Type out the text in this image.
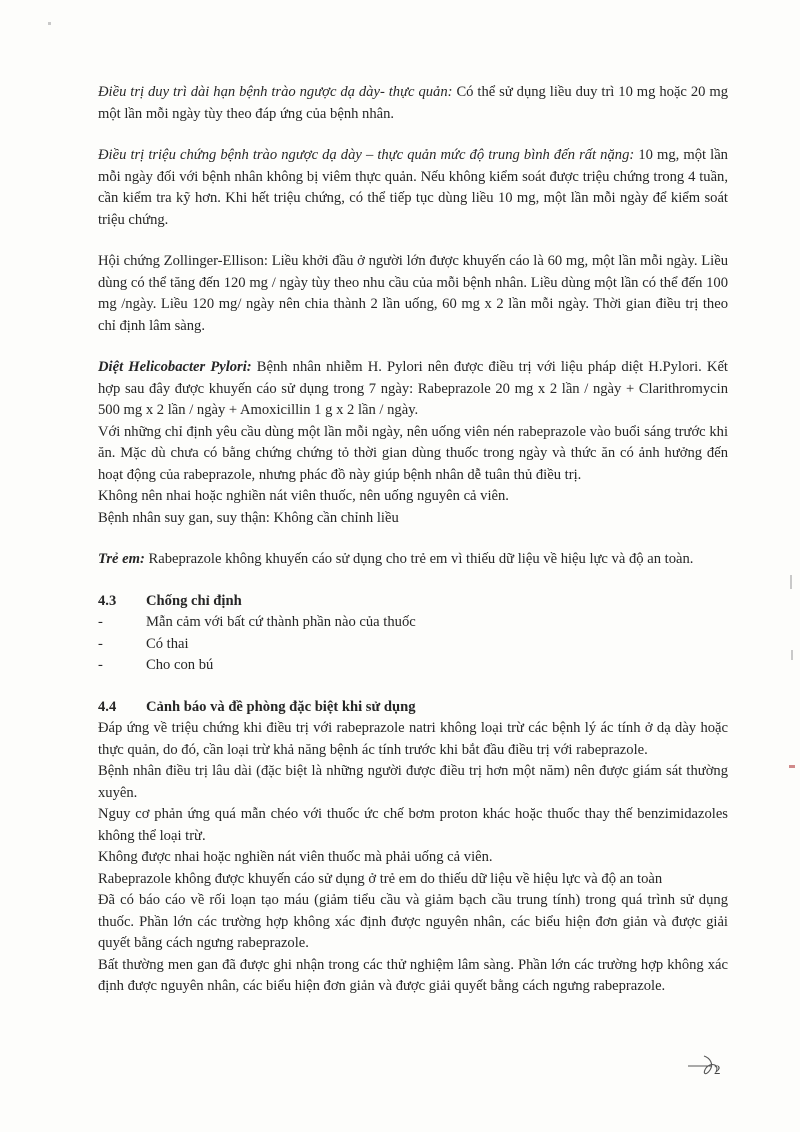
Điều trị duy trì dài hạn bệnh trào ngược dạ dày- thực quản: Có thể sử dụng liều duy trì 10 mg hoặc 20 mg một lần mỗi ngày tùy theo đáp ứng của bệnh nhân.

Điều trị triệu chứng bệnh trào ngược dạ dày – thực quản mức độ trung bình đến rất nặng: 10 mg, một lần mỗi ngày đối với bệnh nhân không bị viêm thực quản. Nếu không kiểm soát được triệu chứng trong 4 tuần, cần kiểm tra kỹ hơn. Khi hết triệu chứng, có thể tiếp tục dùng liều 10 mg, một lần mỗi ngày để kiểm soát triệu chứng.

Hội chứng Zollinger-Ellison: Liều khởi đầu ở người lớn được khuyến cáo là 60 mg, một lần mỗi ngày. Liều dùng có thể tăng đến 120 mg / ngày tùy theo nhu cầu của mỗi bệnh nhân. Liều dùng một lần có thể đến 100 mg /ngày. Liều 120 mg/ ngày nên chia thành 2 lần uống, 60 mg x 2 lần mỗi ngày. Thời gian điều trị theo chỉ định lâm sàng.

Diệt Helicobacter Pylori: Bệnh nhân nhiễm H. Pylori nên được điều trị với liệu pháp diệt H.Pylori. Kết hợp sau đây được khuyến cáo sử dụng trong 7 ngày: Rabeprazole 20 mg x 2 lần / ngày + Clarithromycin 500 mg x 2 lần / ngày + Amoxicillin 1 g x 2 lần / ngày.

Với những chỉ định yêu cầu dùng một lần mỗi ngày, nên uống viên nén rabeprazole vào buổi sáng trước khi ăn. Mặc dù chưa có bằng chứng chứng tỏ thời gian dùng thuốc trong ngày và thức ăn có ảnh hưởng đến hoạt động của rabeprazole, nhưng phác đồ này giúp bệnh nhân dễ tuân thủ điều trị.

Không nên nhai hoặc nghiền nát viên thuốc, nên uống nguyên cả viên.

Bệnh nhân suy gan, suy thận: Không cần chỉnh liều

Trẻ em: Rabeprazole không khuyến cáo sử dụng cho trẻ em vì thiếu dữ liệu về hiệu lực và độ an toàn.

4.3	Chống chỉ định
-	Mẫn cảm với bất cứ thành phần nào của thuốc
-	Có thai
-	Cho con bú
4.4	Cảnh báo và đề phòng đặc biệt khi sử dụng

Đáp ứng về triệu chứng khi điều trị với rabeprazole natri không loại trừ các bệnh lý ác tính ở dạ dày hoặc thực quản, do đó, cần loại trừ khả năng bệnh ác tính trước khi bắt đầu điều trị với rabeprazole.

Bệnh nhân điều trị lâu dài (đặc biệt là những người được điều trị hơn một năm) nên được giám sát thường xuyên.

Nguy cơ phản ứng quá mẫn chéo với thuốc ức chế bơm proton khác hoặc thuốc thay thế benzimidazoles không thể loại trừ.

Không được nhai hoặc nghiền nát viên thuốc mà phải uống cả viên.

Rabeprazole không được khuyến cáo sử dụng ở trẻ em do thiếu dữ liệu về hiệu lực và độ an toàn

Đã có báo cáo về rối loạn tạo máu (giảm tiểu cầu và giảm bạch cầu trung tính) trong quá trình sử dụng thuốc. Phần lớn các trường hợp không xác định được nguyên nhân, các biểu hiện đơn giản và được giải quyết bằng cách ngưng rabeprazole.

Bất thường men gan đã được ghi nhận trong các thử nghiệm lâm sàng. Phần lớn các trường hợp không xác định được nguyên nhân, các biểu hiện đơn giản và được giải quyết bằng cách ngưng rabeprazole.

2
